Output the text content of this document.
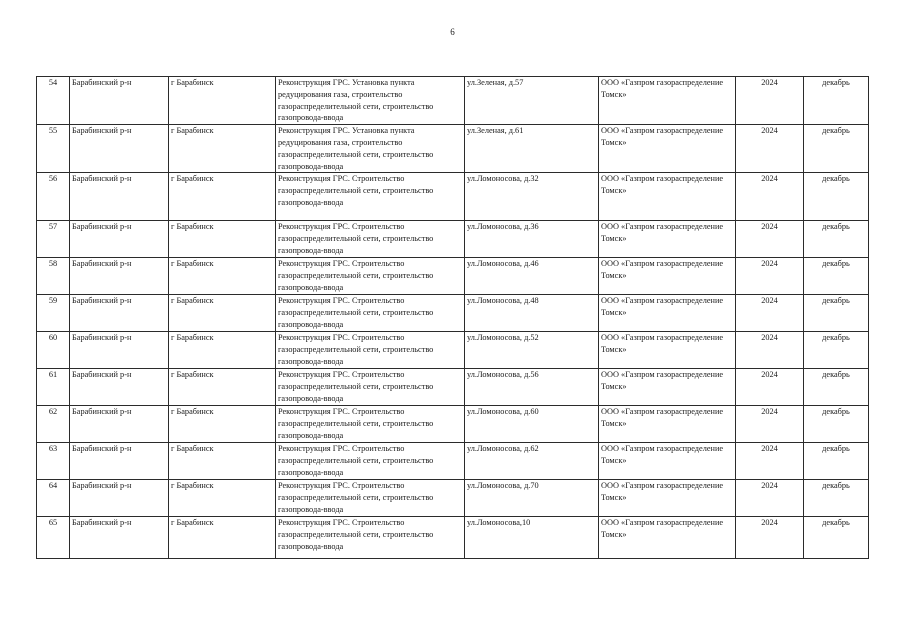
6
54	Барабинский р-н	г Барабинск	Реконструкция ГРС. Установка пункта редуцирования газа, строительство газораспределительной сети, строительство газопровода-ввода	ул.Зеленая, д.57	ООО «Газпром газораспределение Томск»	2024	декабрь
55	Барабинский р-н	г Барабинск	Реконструкция ГРС. Установка пункта редуцирования газа, строительство газораспределительной сети, строительство газопровода-ввода	ул.Зеленая, д.61	ООО «Газпром газораспределение Томск»	2024	декабрь
56	Барабинский р-н	г Барабинск	Реконструкция ГРС. Строительство газораспределительной сети, строительство газопровода-ввода	ул.Ломоносова, д.32	ООО «Газпром газораспределение Томск»	2024	декабрь
57	Барабинский р-н	г Барабинск	Реконструкция ГРС. Строительство газораспределительной сети, строительство газопровода-ввода	ул.Ломоносова, д.36	ООО «Газпром газораспределение Томск»	2024	декабрь
58	Барабинский р-н	г Барабинск	Реконструкция ГРС. Строительство газораспределительной сети, строительство газопровода-ввода	ул.Ломоносова, д.46	ООО «Газпром газораспределение Томск»	2024	декабрь
59	Барабинский р-н	г Барабинск	Реконструкция ГРС. Строительство газораспределительной сети, строительство газопровода-ввода	ул.Ломоносова, д.48	ООО «Газпром газораспределение Томск»	2024	декабрь
60	Барабинский р-н	г Барабинск	Реконструкция ГРС. Строительство газораспределительной сети, строительство газопровода-ввода	ул.Ломоносова, д.52	ООО «Газпром газораспределение Томск»	2024	декабрь
61	Барабинский р-н	г Барабинск	Реконструкция ГРС. Строительство газораспределительной сети, строительство газопровода-ввода	ул.Ломоносова, д.56	ООО «Газпром газораспределение Томск»	2024	декабрь
62	Барабинский р-н	г Барабинск	Реконструкция ГРС. Строительство газораспределительной сети, строительство газопровода-ввода	ул.Ломоносова, д.60	ООО «Газпром газораспределение Томск»	2024	декабрь
63	Барабинский р-н	г Барабинск	Реконструкция ГРС. Строительство газораспределительной сети, строительство газопровода-ввода	ул.Ломоносова, д.62	ООО «Газпром газораспределение Томск»	2024	декабрь
64	Барабинский р-н	г Барабинск	Реконструкция ГРС. Строительство газораспределительной сети, строительство газопровода-ввода	ул.Ломоносова, д.70	ООО «Газпром газораспределение Томск»	2024	декабрь
65	Барабинский р-н	г Барабинск	Реконструкция ГРС. Строительство газораспределительной сети, строительство газопровода-ввода	ул.Ломоносова,10	ООО «Газпром газораспределение Томск»	2024	декабрь
